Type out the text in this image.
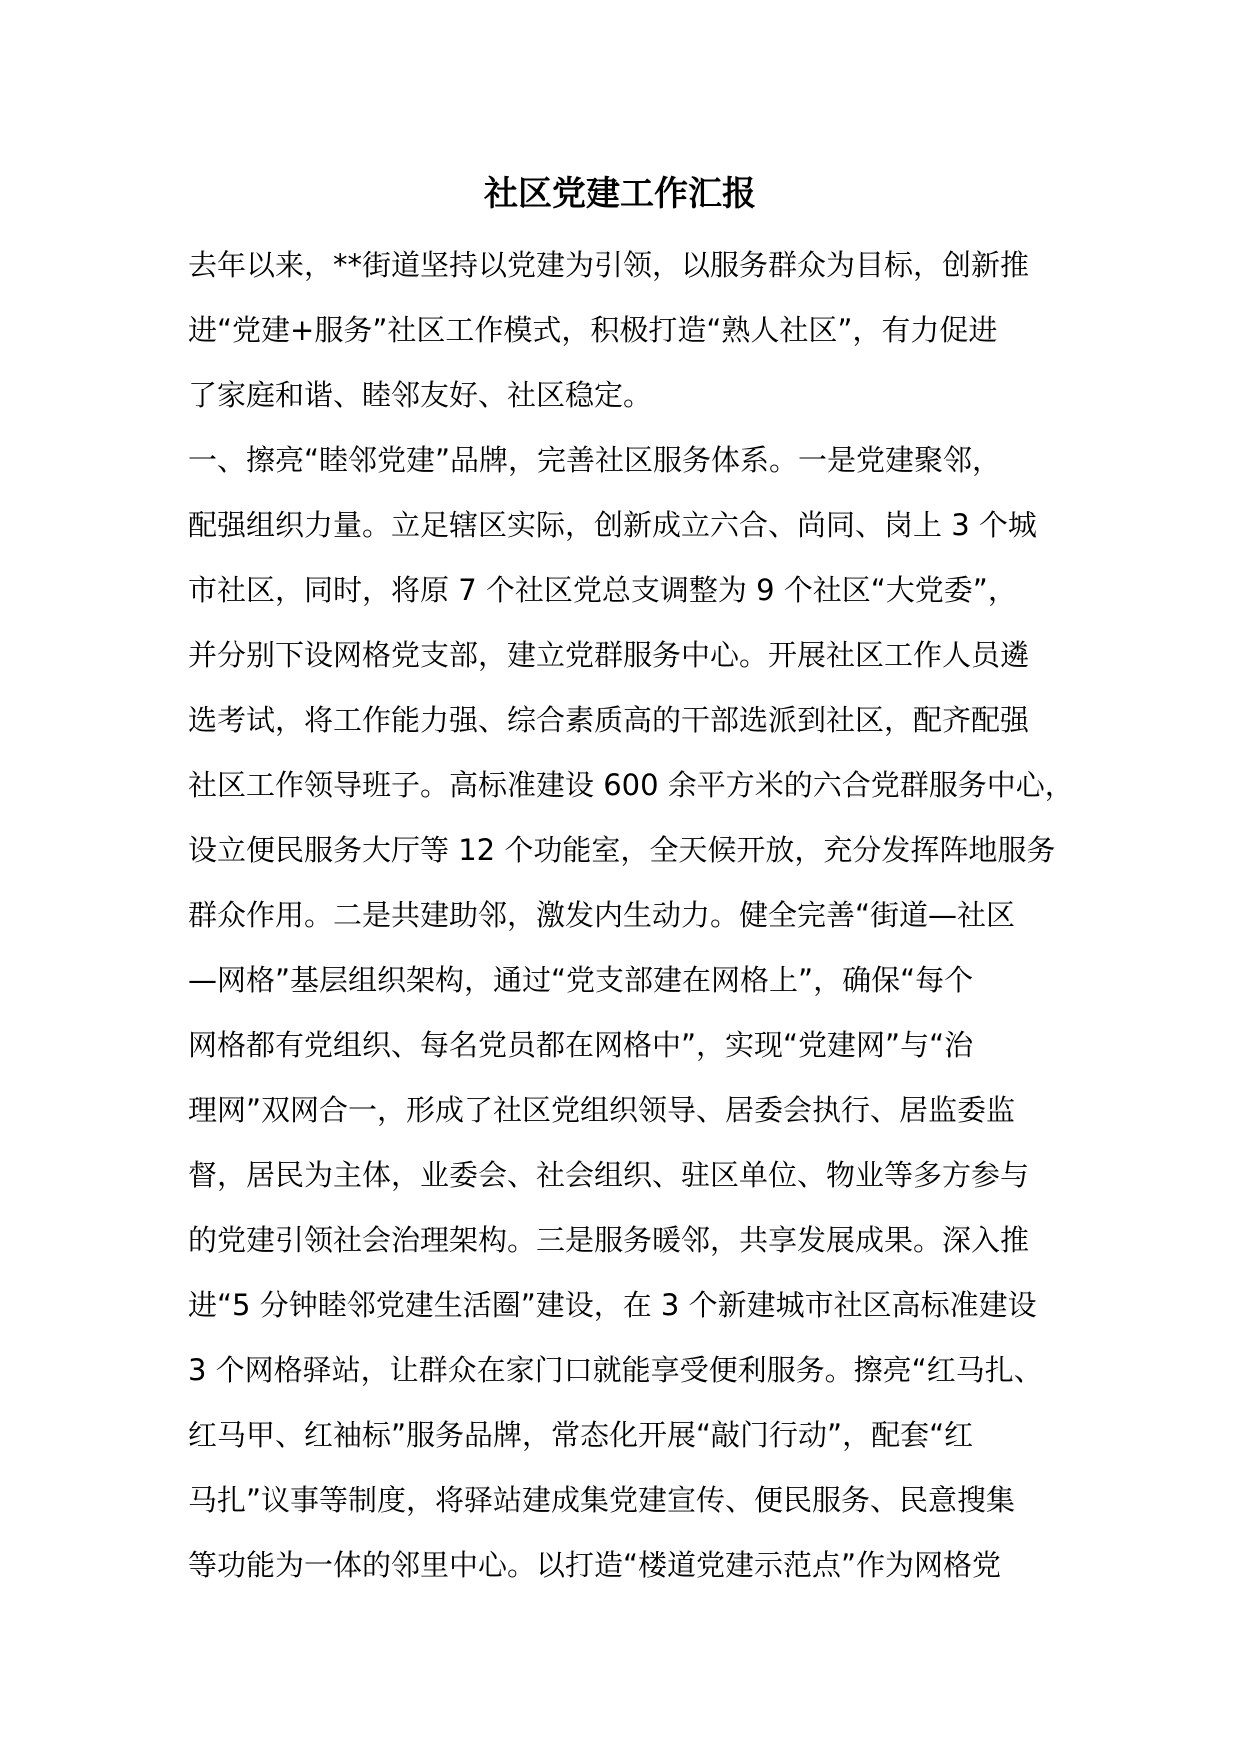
社区党建工作汇报
去年以来，**街道坚持以党建为引领，以服务群众为目标，创新推
进“党建+服务”社区工作模式，积极打造“熟人社区”，有力促进
了家庭和谐、睦邻友好、社区稳定。
一、擦亮“睦邻党建”品牌，完善社区服务体系。一是党建聚邻，
配强组织力量。立足辖区实际，创新成立六合、尚同、岗上 3 个城
市社区，同时，将原 7 个社区党总支调整为 9 个社区“大党委”，
并分别下设网格党支部，建立党群服务中心。开展社区工作人员遴
选考试，将工作能力强、综合素质高的干部选派到社区，配齐配强
社区工作领导班子。高标准建设 600 余平方米的六合党群服务中心，
设立便民服务大厅等 12 个功能室，全天候开放，充分发挥阵地服务
群众作用。二是共建助邻，激发内生动力。健全完善“街道—社区
—网格”基层组织架构，通过“党支部建在网格上”，确保“每个
网格都有党组织、每名党员都在网格中”，实现“党建网”与“治
理网”双网合一，形成了社区党组织领导、居委会执行、居监委监
督，居民为主体，业委会、社会组织、驻区单位、物业等多方参与
的党建引领社会治理架构。三是服务暖邻，共享发展成果。深入推
进“5 分钟睦邻党建生活圈”建设，在 3 个新建城市社区高标准建设
3 个网格驿站，让群众在家门口就能享受便利服务。擦亮“红马扎、
红马甲、红袖标”服务品牌，常态化开展“敲门行动”，配套“红
马扎”议事等制度，将驿站建成集党建宣传、便民服务、民意搜集
等功能为一体的邻里中心。以打造“楼道党建示范点”作为网格党
